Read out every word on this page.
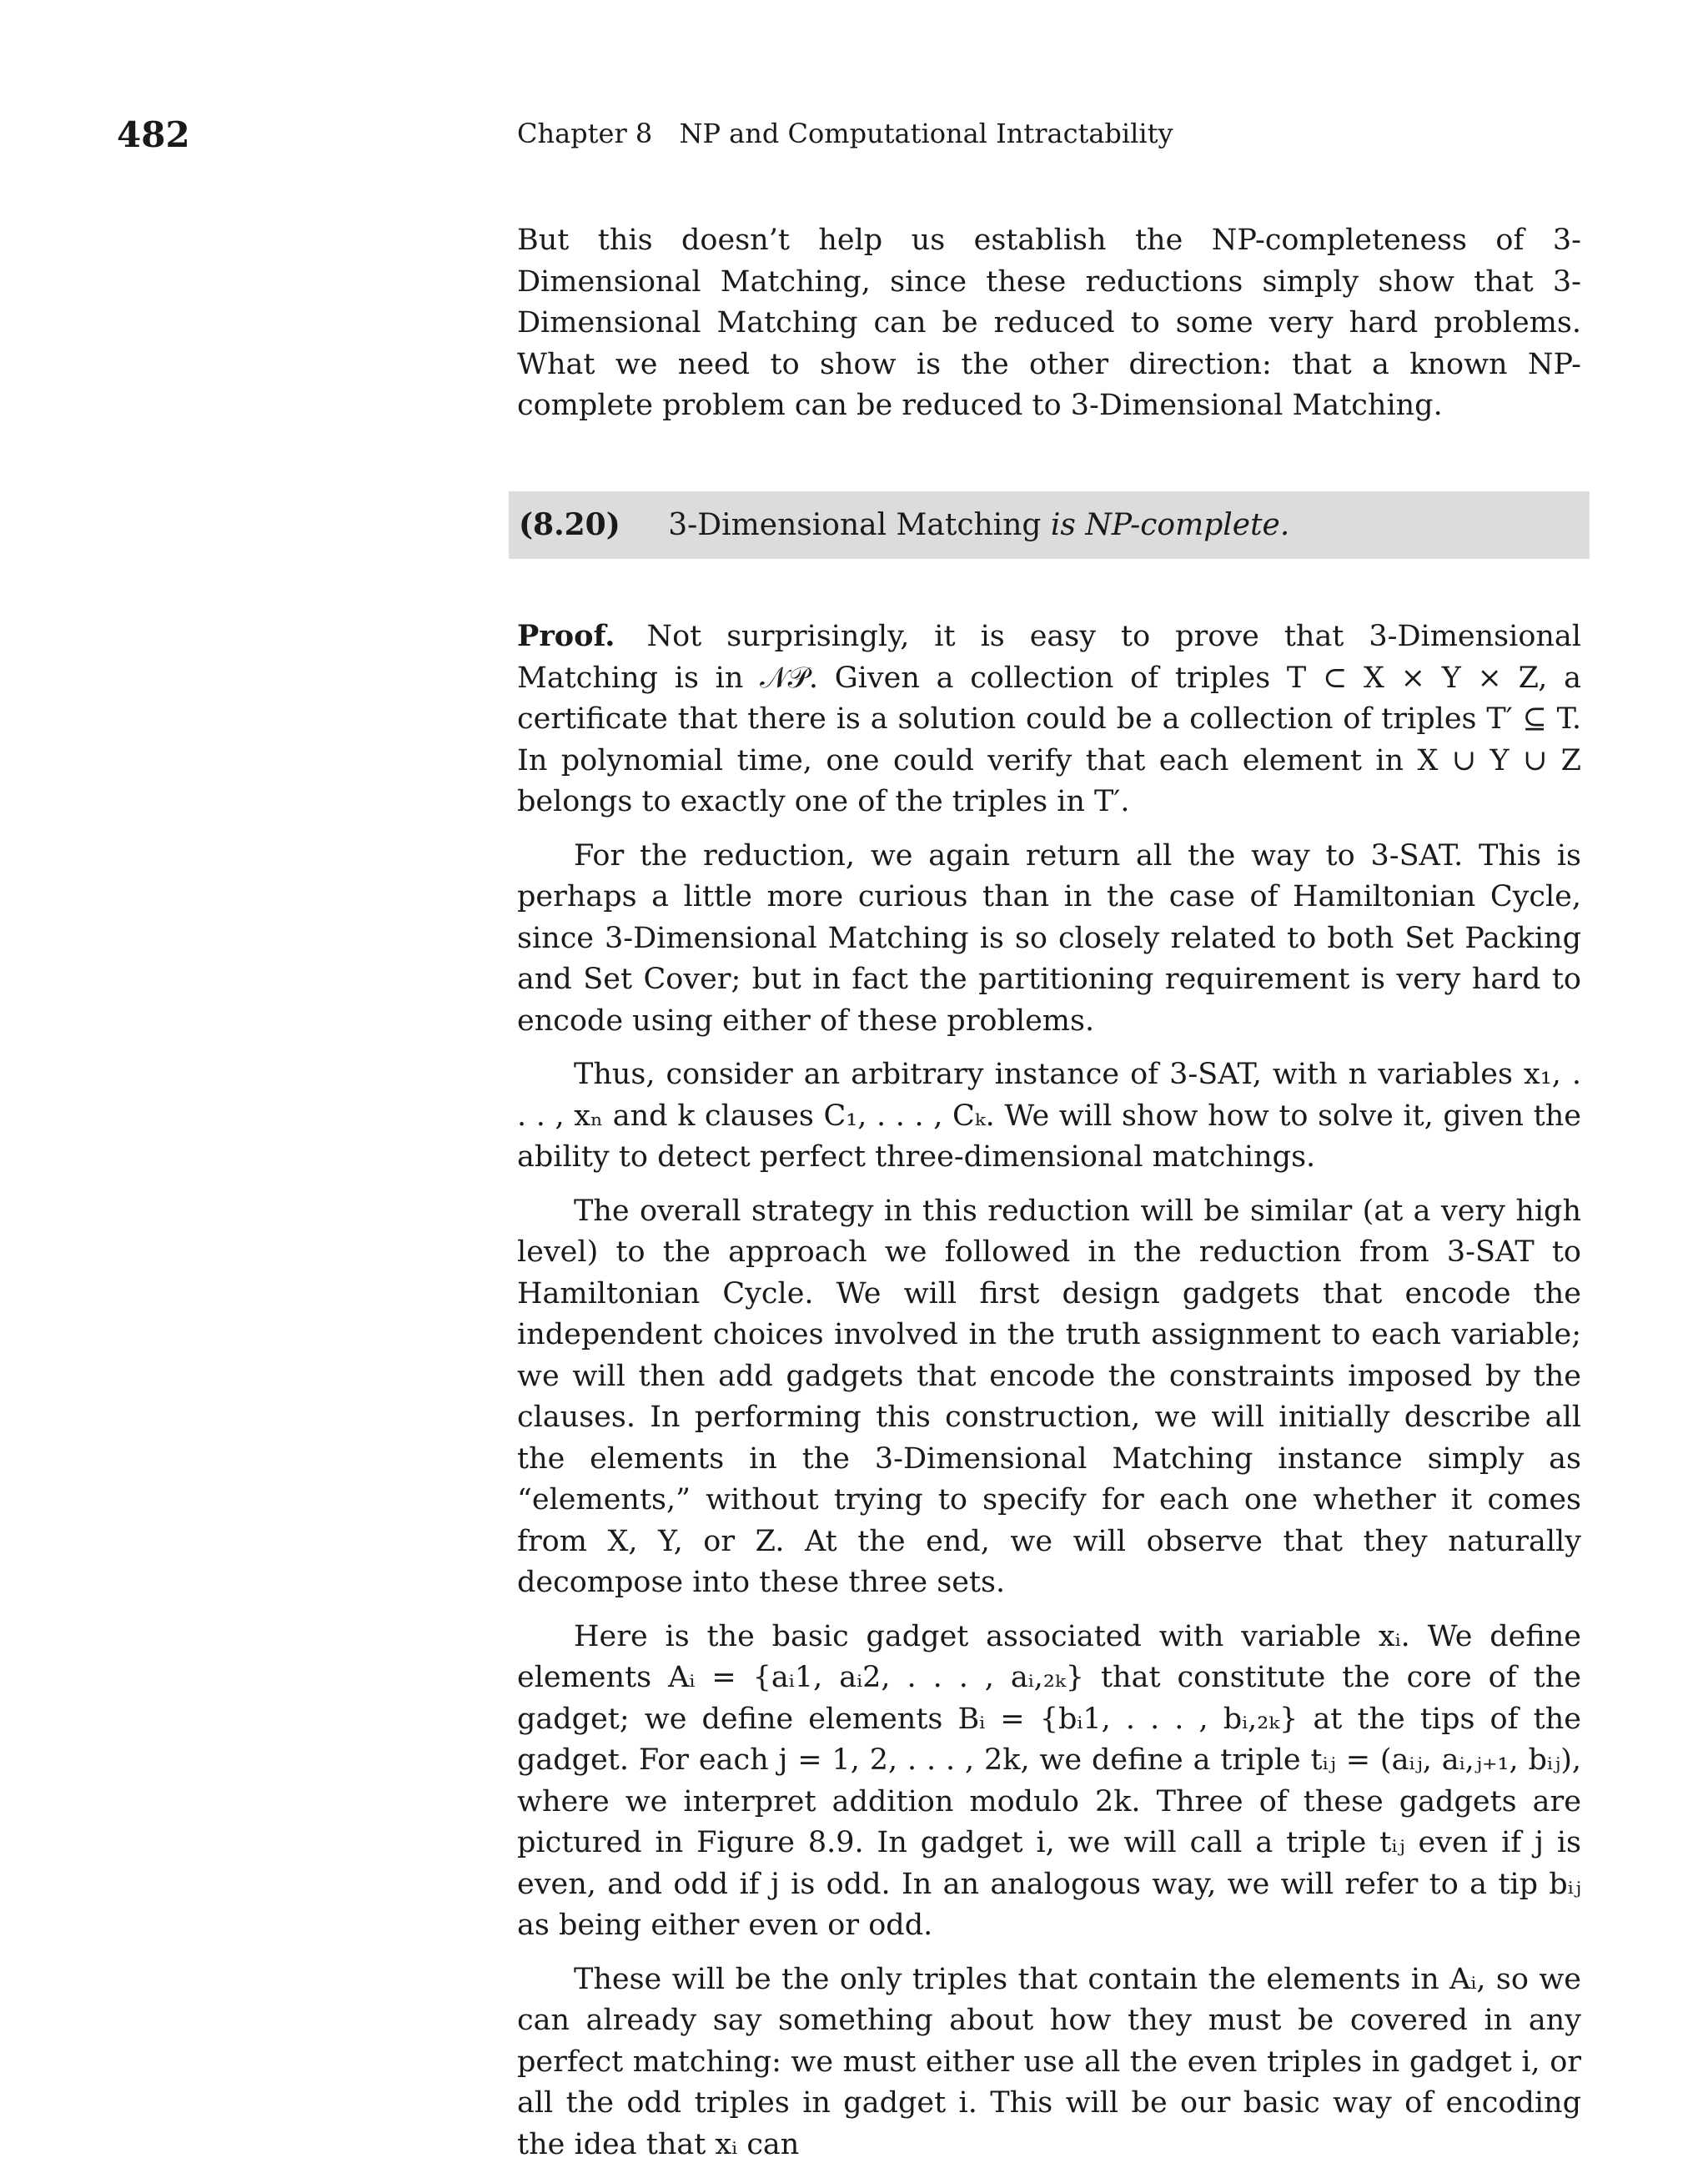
482	Chapter 8 NP and Computational Intractability

But this doesn’t help us establish the NP-completeness of 3-Dimensional Matching, since these reductions simply show that 3-Dimensional Matching can be reduced to some very hard problems. What we need to show is the other direction: that a known NP-complete problem can be reduced to 3-Dimensional Matching.

(8.20) 3-Dimensional Matching is NP-complete.

Proof. Not surprisingly, it is easy to prove that 3-Dimensional Matching is in 𝒩𝒫. Given a collection of triples T ⊂ X × Y × Z, a certificate that there is a solution could be a collection of triples T′ ⊆ T. In polynomial time, one could verify that each element in X ∪ Y ∪ Z belongs to exactly one of the triples in T′.

For the reduction, we again return all the way to 3-SAT. This is perhaps a little more curious than in the case of Hamiltonian Cycle, since 3-Dimensional Matching is so closely related to both Set Packing and Set Cover; but in fact the partitioning requirement is very hard to encode using either of these problems.

Thus, consider an arbitrary instance of 3-SAT, with n variables x₁, . . . , xₙ and k clauses C₁, . . . , Cₖ. We will show how to solve it, given the ability to detect perfect three-dimensional matchings.

The overall strategy in this reduction will be similar (at a very high level) to the approach we followed in the reduction from 3-SAT to Hamiltonian Cycle. We will first design gadgets that encode the independent choices involved in the truth assignment to each variable; we will then add gadgets that encode the constraints imposed by the clauses. In performing this construction, we will initially describe all the elements in the 3-Dimensional Matching instance simply as “elements,” without trying to specify for each one whether it comes from X, Y, or Z. At the end, we will observe that they naturally decompose into these three sets.

Here is the basic gadget associated with variable xᵢ. We define elements Aᵢ = {aᵢ1, aᵢ2, . . . , aᵢ,₂ₖ} that constitute the core of the gadget; we define elements Bᵢ = {bᵢ1, . . . , bᵢ,₂ₖ} at the tips of the gadget. For each j = 1, 2, . . . , 2k, we define a triple tᵢⱼ = (aᵢⱼ, aᵢ,ⱼ₊₁, bᵢⱼ), where we interpret addition modulo 2k. Three of these gadgets are pictured in Figure 8.9. In gadget i, we will call a triple tᵢⱼ even if j is even, and odd if j is odd. In an analogous way, we will refer to a tip bᵢⱼ as being either even or odd.

These will be the only triples that contain the elements in Aᵢ, so we can already say something about how they must be covered in any perfect matching: we must either use all the even triples in gadget i, or all the odd triples in gadget i. This will be our basic way of encoding the idea that xᵢ can
